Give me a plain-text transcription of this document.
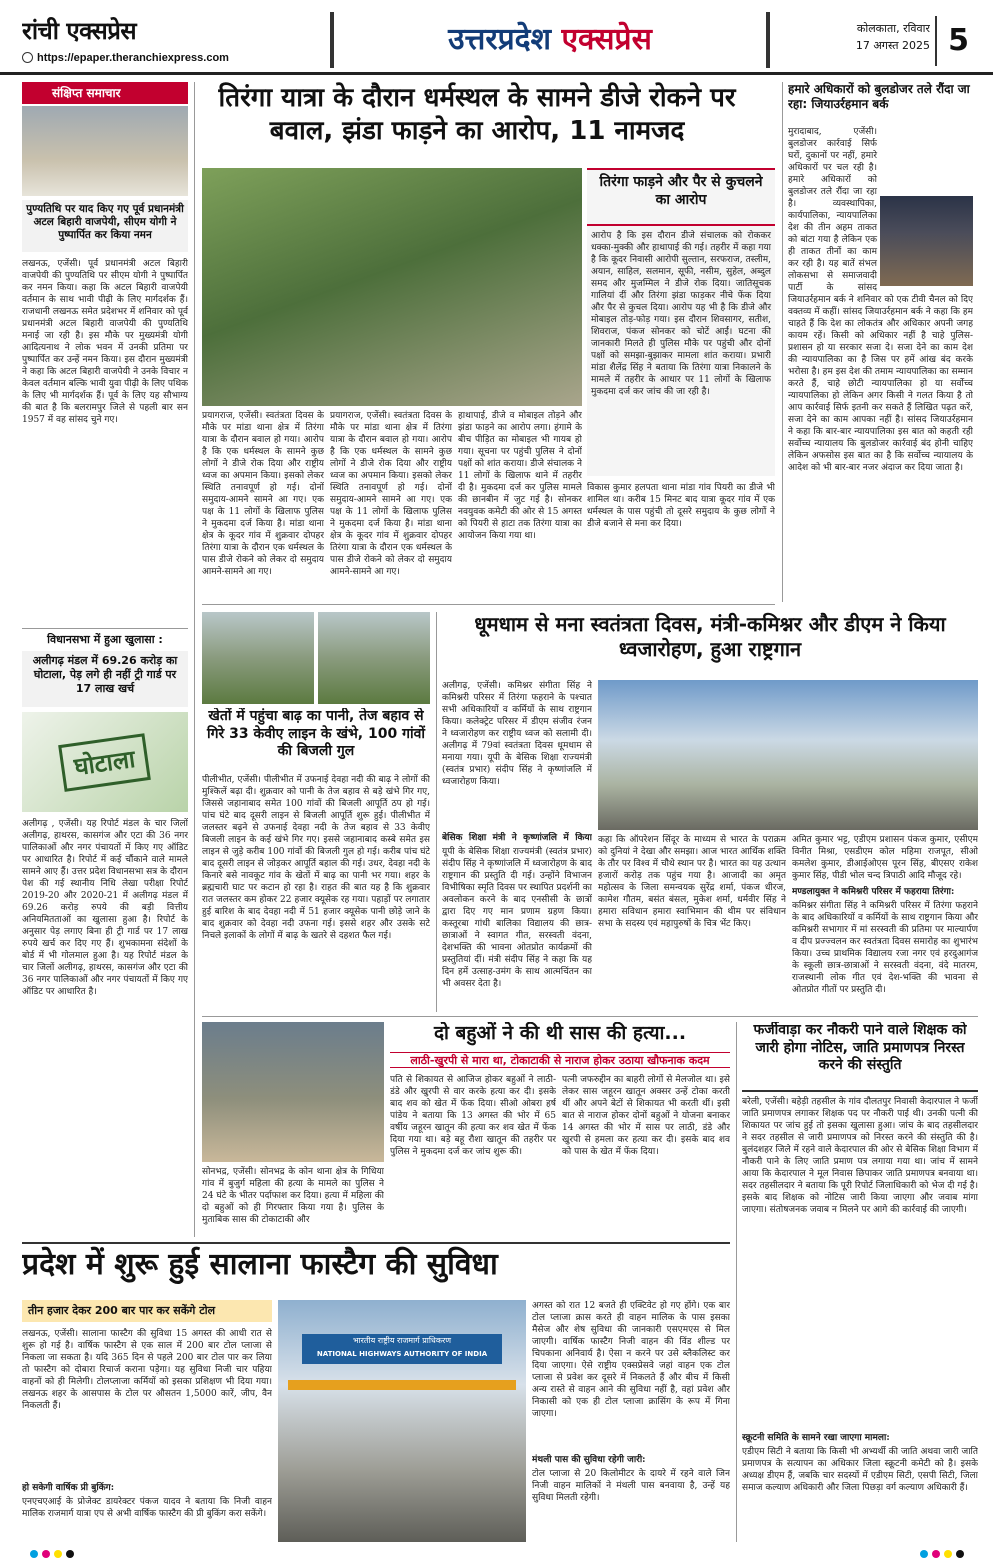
रांची एक्सप्रेस
https://epaper.theranchiexpress.com
उत्तरप्रदेश एक्सप्रेस	कोलकाता, रविवार
17 अगस्त 2025 5
संक्षिप्त समाचार
पुण्यतिथि पर याद किए गए पूर्व प्रधानमंत्री अटल बिहारी वाजपेयी, सीएम योगी ने पुष्पार्पित कर किया नमन
लखनऊ, एजेंसी। पूर्व प्रधानमंत्री अटल बिहारी वाजपेयी की पुण्यतिथि पर सीएम योगी ने पुष्पार्पित कर नमन किया। कहा कि अटल बिहारी वाजपेयी वर्तमान के साथ भावी पीढ़ी के लिए मार्गदर्शक हैं। राजधानी लखनऊ समेत प्रदेशभर में शनिवार को पूर्व प्रधानमंत्री अटल बिहारी वाजपेयी की पुण्यतिथि मनाई जा रही है। इस मौके पर मुख्यमंत्री योगी आदित्यनाथ ने लोक भवन में उनकी प्रतिमा पर पुष्पार्पित कर उन्हें नमन किया। इस दौरान मुख्यमंत्री ने कहा कि अटल बिहारी वाजपेयी ने उनके विचार न केवल वर्तमान बल्कि भावी युवा पीढ़ी के लिए पथिक के लिए भी मार्गदर्शक हैं। पूर्व के लिए यह सौभाग्य की बात है कि बलरामपुर जिले से पहली बार सन 1957 में वह सांसद चुने गए।
विधानसभा में हुआ खुलासा :
अलीगढ़ मंडल में 69.26 करोड़ का घोटाला, पेड़ लगे ही नहीं ट्री गार्ड पर 17 लाख खर्च
घोटाला
अलीगढ़ , एजेंसी। यह रिपोर्ट मंडल के चार जिलों अलीगढ़, हाथरस, कासगंज और एटा की 36 नगर पालिकाओं और नगर पंचायतों में किए गए ऑडिट पर आधारित है। रिपोर्ट में कई चौंकाने वाले मामले सामने आए हैं। उत्तर प्रदेश विधानसभा सत्र के दौरान पेश की गई स्थानीय निधि लेखा परीक्षा रिपोर्ट 2019-20 और 2020-21 में अलीगढ़ मंडल में 69.26 करोड़ रुपये की बड़ी वित्तीय अनियमितताओं का खुलासा हुआ है। रिपोर्ट के अनुसार पेड़ लगाए बिना ही ट्री गार्ड पर 17 लाख रुपये खर्च कर दिए गए हैं। शुभकामना संदेशों के बोर्ड में भी गोलमाल हुआ है। यह रिपोर्ट मंडल के चार जिलों अलीगढ़, हाथरस, कासगंज और एटा की 36 नगर पालिकाओं और नगर पंचायतों में किए गए ऑडिट पर आधारित है।
तिरंगा यात्रा के दौरान धर्मस्थल के सामने डीजे रोकने पर बवाल, झंडा फाड़ने का आरोप, 11 नामजद
तिरंगा फाड़ने और पैर से कुचलने का आरोप
आरोप है कि इस दौरान डीजे संचालक को रोककर धक्का-मुक्की और हाथापाई की गई। तहरीर में कहा गया है कि कूदर निवासी आरोपी सुल्तान, सरफराज, तस्लीम, अयान, साहिल, सलमान, सूफी, नसीम, सुहेल, अब्दुल समद और मुजम्मिल ने डीजे रोक दिया। जातिसूचक गालियां दीं और तिरंगा झंडा फाड़कर नीचे फेंक दिया और पैर से कुचल दिया। आरोप यह भी है कि डीजे और मोबाइल तोड़-फोड़ गया। इस दौरान शिवसागर, सतीश, शिवराज, पंकज सोनकर को चोटें आईं। घटना की जानकारी मिलते ही पुलिस मौके पर पहुंची और दोनों पक्षों को समझा-बुझाकर मामला शांत कराया। प्रभारी मांडा शैलेंद्र सिंह ने बताया कि तिरंगा यात्रा निकालने के मामले में तहरीर के आधार पर 11 लोगों के खिलाफ मुकदमा दर्ज कर जांच की जा रही है।
प्रयागराज, एजेंसी। स्वतंत्रता दिवस के मौके पर मांडा थाना क्षेत्र में तिरंगा यात्रा के दौरान बवाल हो गया। आरोप है कि एक धर्मस्थल के सामने कुछ लोगों ने डीजे रोक दिया और राष्ट्रीय ध्वज का अपमान किया। इसको लेकर स्थिति तनावपूर्ण हो गई। दोनों समुदाय-आमने सामने आ गए। एक पक्ष के 11 लोगों के खिलाफ पुलिस ने मुकदमा दर्ज किया है। मांडा थाना क्षेत्र के कूदर गांव में शुक्रवार दोपहर तिरंगा यात्रा के दौरान एक धर्मस्थल के पास डीजे रोकने को लेकर दो समुदाय आमने-सामने आ गए।
प्रयागराज, एजेंसी। स्वतंत्रता दिवस के मौके पर मांडा थाना क्षेत्र में तिरंगा यात्रा के दौरान बवाल हो गया। आरोप है कि एक धर्मस्थल के सामने कुछ लोगों ने डीजे रोक दिया और राष्ट्रीय ध्वज का अपमान किया। इसको लेकर स्थिति तनावपूर्ण हो गई। दोनों समुदाय-आमने सामने आ गए। एक पक्ष के 11 लोगों के खिलाफ पुलिस ने मुकदमा दर्ज किया है। मांडा थाना क्षेत्र के कूदर गांव में शुक्रवार दोपहर तिरंगा यात्रा के दौरान एक धर्मस्थल के पास डीजे रोकने को लेकर दो समुदाय आमने-सामने आ गए।
हाथापाई, डीजे व मोबाइल तोड़ने और झंडा फाड़ने का आरोप लगा। हंगामे के बीच पीड़ित का मोबाइल भी गायब हो गया। सूचना पर पहुंची पुलिस ने दोनों पक्षों को शांत कराया। डीजे संचालक ने 11 लोगों के खिलाफ थाने में तहरीर दी है। मुकदमा दर्ज कर पुलिस मामले की छानबीन में जुट गई है। सोनकर नवयुवक कमेटी की ओर से 15 अगस्त को पियरी से हाटा तक तिरंगा यात्रा का आयोजन किया गया था।
विकास कुमार हलपता थाना मांडा गांव पियरी का डीजे भी शामिल था। करीब 15 मिनट बाद यात्रा कूदर गांव में एक धर्मस्थल के पास पहुंची तो दूसरे समुदाय के कुछ लोगों ने डीजे बजाने से मना कर दिया।
हमारे अधिकारों को बुलडोजर तले रौंदा जा रहा: जियाउर्रहमान बर्क
मुरादाबाद, एजेंसी। बुलडोजर कार्रवाई सिर्फ घरों, दुकानों पर नहीं, हमारे अधिकारों पर चल रही है। हमारे अधिकारों को बुलडोजर तले रौंदा जा रहा है। व्यवस्थापिका, कार्यपालिका, न्यायपालिका देश की तीन अहम ताकत को बांटा गया है लेकिन एक ही ताकत तीनों का काम कर रही है। यह बातें संभल लोकसभा से समाजवादी पार्टी के सांसद जियाउर्रहमान बर्क ने शनिवार को एक टीवी चैनल को दिए वक्तव्य में कहीं। सांसद जियाउर्रहमान बर्क ने कहा कि हम चाहते हैं कि देश का लोकतंत्र और अधिकार अपनी जगह कायम रहें। किसी को अधिकार नहीं है चाहे पुलिस-प्रशासन हो या सरकार सजा दे। सजा देने का काम देश की न्यायपालिका का है जिस पर हमें आंख बंद करके भरोसा है। हम इस देश की तमाम न्यायपालिका का सम्मान करते हैं, चाहे छोटी न्यायपालिका हो या सर्वोच्च न्यायपालिका हो लेकिन अगर किसी ने गलत किया है तो आप कार्रवाई सिर्फ इतनी कर सकते हैं लिखित पढ़त करें, सजा देने का काम आपका नहीं है। सांसद जियाउर्रहमान ने कहा कि बार-बार न्यायपालिका इस बात को कहती रही सर्वोच्च न्यायालय कि बुलडोजर कार्रवाई बंद होनी चाहिए लेकिन अफसोस इस बात का है कि सर्वोच्च न्यायालय के आदेश को भी बार-बार नजर अंदाज कर दिया जाता है।
खेतों में पहुंचा बाढ़ का पानी, तेज बहाव से गिरे 33 केवीए लाइन के खंभे, 100 गांवों की बिजली गुल
पीलीभीत, एजेंसी। पीलीभीत में उफनाई देवहा नदी की बाढ़ ने लोगों की मुश्किलें बढ़ा दी। शुक्रवार को पानी के तेज बहाव से बड़े खंभे गिर गए, जिससे जहानाबाद समेत 100 गांवों की बिजली आपूर्ति ठप हो गई। पांच घंटे बाद दूसरी लाइन से बिजली आपूर्ति शुरू हुई। पीलीभीत में जलस्तर बढ़ने से उफनाई देवहा नदी के तेज बहाव से 33 केवीए बिजली लाइन के कई खंभे गिर गए। इससे जहानाबाद कस्बे समेत इस लाइन से जुड़े करीब 100 गांवों की बिजली गुल हो गई। करीब पांच घंटे बाद दूसरी लाइन से जोड़कर आपूर्ति बहाल की गई। उधर, देवहा नदी के किनारे बसे नावकूट गांव के खेतों में बाढ़ का पानी भर गया। शहर के ब्रह्मचारी घाट पर कटान हो रहा है। राहत की बात यह है कि शुक्रवार रात जलस्तर कम होकर 22 हजार क्यूसेक रह गया। पहाड़ों पर लगातार हुई बारिश के बाद देवहा नदी में 51 हजार क्यूसेक पानी छोड़े जाने के बाद शुक्रवार को देवहा नदी उफना गई। इससे शहर और उसके सटे निचले इलाकों के लोगों में बाढ़ के खतरे से दहशत फैल गई।
धूमधाम से मना स्वतंत्रता दिवस, मंत्री-कमिश्नर और डीएम ने किया ध्वजारोहण, हुआ राष्ट्रगान
अलीगढ़, एजेंसी। कमिश्नर संगीता सिंह ने कमिश्नरी परिसर में तिरंगा फहराने के पश्चात सभी अधिकारियों व कर्मियों के साथ राष्ट्रगान किया। कलेक्ट्रेट परिसर में डीएम संजीव रंजन ने ध्वजारोहण कर राष्ट्रीय ध्वज को सलामी दी। अलीगढ़ में 79वां स्वतंत्रता दिवस धूमधाम से मनाया गया। यूपी के बेसिक शिक्षा राज्यमंत्री (स्वतंत्र प्रभार) संदीप सिंह ने कृष्णांजलि में ध्वजारोहण किया।
बेसिक शिक्षा मंत्री ने कृष्णांजलि में किया
यूपी के बेसिक शिक्षा राज्यमंत्री (स्वतंत्र प्रभार) संदीप सिंह ने कृष्णांजलि में ध्वजारोहण के बाद राष्ट्रगान की प्रस्तुति दी गई। उन्होंने विभाजन विभीषिका स्मृति दिवस पर स्थापित प्रदर्शनी का अवलोकन करने के बाद एनसीसी के छात्रों द्वारा दिए गए मान प्रणाम ग्रहण किया। कस्तूरबा गांधी बालिका विद्यालय की छात्र-छात्राओं ने स्वागत गीत, सरस्वती वंदना, देशभक्ति की भावना ओतप्रोत कार्यक्रमों की प्रस्तुतियां दीं। मंत्री संदीप सिंह ने कहा कि यह दिन हमें उत्साह-उमंग के साथ आत्मचिंतन का भी अवसर देता है।
कहा कि ऑपरेशन सिंदूर के माध्यम से भारत के पराक्रम को दुनियां ने देखा और समझा। आज भारत आर्थिक शक्ति के तौर पर विश्व में चौथे स्थान पर है। भारत का यह उत्थान हजारों करोड़ तक पहुंच गया है। आजादी का अमृत महोत्सव के जिला समन्वयक सुरेंद्र शर्मा, पंकज धीरज, कामेश गौतम, बसंत बंसल, मुकेश शर्मा, धर्मवीर सिंह ने हमारा सविधान हमारा स्वाभिमान की थीम पर संविधान सभा के सदस्य एवं महापुरुषों के चित्र भेंट किए।
अमित कुमार भट्ट, एडीएम प्रशासन पंकज कुमार, एसीएम विनीत मिश्रा, एसडीएम कोल महिमा राजपूत, सीओ कमलेश कुमार, डीआईओएस पूरन सिंह, बीएसए राकेश कुमार सिंह, पीडी भोल चन्द त्रिपाठी आदि मौजूद रहे।
मण्डलायुक्त ने कमिश्नरी परिसर में फहराया तिरंगा:
कमिश्नर संगीता सिंह ने कमिश्नरी परिसर में तिरंगा फहराने के बाद अधिकारियों व कर्मियों के साथ राष्ट्रगान किया और कमिश्नरी सभागार में मां सरस्वती की प्रतिमा पर माल्यार्पण व दीप प्रज्ज्वलन कर स्वतंत्रता दिवस समारोह का शुभारंभ किया। उच्च प्राथमिक विद्यालय रजा नगर एवं हरदुआगंज के स्कूली छात्र-छात्राओं ने सरस्वती वंदना, वंदे मातरम, राजस्थानी लोक गीत एवं देश-भक्ति की भावना से ओतप्रोत गीतों पर प्रस्तुति दी।
सोनभद्र, एजेंसी। सोनभद्र के कोन थाना क्षेत्र के गिधिया गांव में बुजुर्ग महिला की हत्या के मामले का पुलिस ने 24 घंटे के भीतर पर्दाफाश कर दिया। हत्या में महिला की दो बहुओं को ही गिरफ्तार किया गया है। पुलिस के मुताबिक सास की टोकाटाकी और
दो बहुओं ने की थी सास की हत्या...
लाठी-खुरपी से मारा था, टोकाटाकी से नाराज होकर उठाया खौफनाक कदम
पति से शिकायत से आजिज होकर बहुओं ने लाठी-डंडे और खुरपी से वार करके हत्या कर दी। इसके बाद शव को खेत में फेंक दिया। सीओ ओबरा हर्ष पांडेय ने बताया कि 13 अगस्त की भोर में 65 वर्षीय जहूरन खातून की हत्या कर शव खेत में फेंक दिया गया था। बड़े बहू रौशा खातून की तहरीर पर पुलिस ने मुकदमा दर्ज कर जांच शुरू की।
पत्नी जफरुद्दीन का बाहरी लोगों से मेलजोल था। इसे लेकर सास जहूरन खातून अक्सर उन्हें टोका करती थीं और अपने बेटों से शिकायत भी करती थीं। इसी बात से नाराज होकर दोनों बहुओं ने योजना बनाकर 14 अगस्त की भोर में सास पर लाठी, डंडे और खुरपी से हमला कर हत्या कर दी। इसके बाद शव को पास के खेत में फेंक दिया।
फर्जीवाड़ा कर नौकरी पाने वाले शिक्षक को जारी होगा नोटिस, जाति प्रमाणपत्र निरस्त करने की संस्तुति
बरेली, एजेंसी। बहेड़ी तहसील के गांव दौलतपुर निवासी केदारपाल ने फर्जी जाति प्रमाणपत्र लगाकर शिक्षक पद पर नौकरी पाई थी। उनकी पत्नी की शिकायत पर जांच हुई तो इसका खुलासा हुआ। जांच के बाद तहसीलदार ने सदर तहसील से जारी प्रमाणपत्र को निरस्त करने की संस्तुति की है। बुलंदशहर जिले में रहने वाले केदारपाल की ओर से बेसिक शिक्षा विभाग में नौकरी पाने के लिए जाति प्रमाण पत्र लगाया गया था। जांच में सामने आया कि केदारपाल ने मूल निवास छिपाकर जाति प्रमाणपत्र बनवाया था। सदर तहसीलदार ने बताया कि पूरी रिपोर्ट जिलाधिकारी को भेज दी गई है। इसके बाद शिक्षक को नोटिस जारी किया जाएगा और जवाब मांगा जाएगा। संतोषजनक जवाब न मिलने पर आगे की कार्रवाई की जाएगी।
स्क्रूटनी समिति के सामने रखा जाएगा मामला:
एडीएम सिटी ने बताया कि किसी भी अभ्यर्थी की जाति अथवा जारी जाति प्रमाणपत्र के सत्यापन का अधिकार जिला स्क्रूटनी कमेटी को है। इसके अध्यक्ष डीएम हैं, जबकि चार सदस्यों में एडीएम सिटी, एसपी सिटी, जिला समाज कल्याण अधिकारी और जिला पिछड़ा वर्ग कल्याण अधिकारी हैं।
प्रदेश में शुरू हुई सालाना फास्टैग की सुविधा
तीन हजार देकर 200 बार पार कर सकेंगे टोल
लखनऊ, एजेंसी। सालाना फास्टैग की सुविधा 15 अगस्त की आधी रात से शुरू हो गई है। वार्षिक फास्टैग से एक साल में 200 बार टोल प्लाजा से निकला जा सकता है। यदि 365 दिन से पहले 200 बार टोल पार कर लिया तो फास्टैग को दोबारा रिचार्ज कराना पड़ेगा। यह सुविधा निजी चार पहिया वाहनों को ही मिलेगी। टोलप्लाजा कर्मियों को इसका प्रशिक्षण भी दिया गया। लखनऊ शहर के आसपास के टोल पर औसतन 1,5000 कारें, जीप, वैन निकलती हैं।
हो सकेगी वार्षिक प्री बुकिंग:
एनएचएआई के प्रोजेक्ट डायरेक्टर पंकज यादव ने बताया कि निजी वाहन मालिक राजमार्ग यात्रा एप से अभी वार्षिक फास्टैग की प्री बुकिंग करा सकेंगे।
भारतीय राष्ट्रीय राजमार्ग प्राधिकरण
NATIONAL HIGHWAYS AUTHORITY OF INDIA
अगस्त को रात 12 बजते ही एक्टिवेट हो गए होंगे। एक बार टोल प्लाजा क्रास करते ही वाहन मालिक के पास इसका मैसेज और शेष सुविधा की जानकारी एसएमएस से मिल जाएगी। वार्षिक फास्टैग निजी वाहन की विंड शील्ड पर चिपकाना अनिवार्य है। ऐसा न करने पर उसे ब्लैकलिस्ट कर दिया जाएगा। ऐसे राष्ट्रीय एक्सप्रेसवे जहां वाहन एक टोल प्लाजा से प्रवेश कर दूसरे में निकलते हैं और बीच में किसी अन्य रास्ते से वाहन आने की सुविधा नहीं है, वहां प्रवेश और निकासी को एक ही टोल प्लाजा क्रासिंग के रूप में गिना जाएगा।
मंथली पास की सुविधा रहेगी जारी:
टोल प्लाजा से 20 किलोमीटर के दायरे में रहने वाले जिन निजी वाहन मालिकों ने मंथली पास बनवाया है, उन्हें यह सुविधा मिलती रहेगी।
